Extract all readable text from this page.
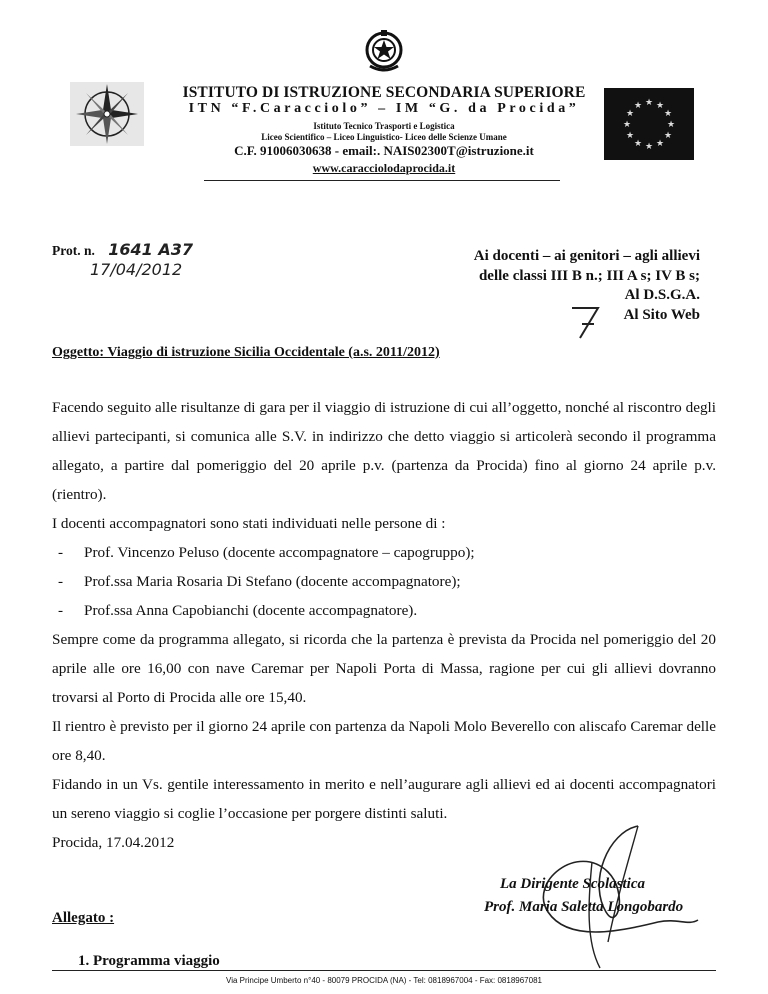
★ ★
★
★
★
★
★
★
★
★
★
★
ISTITUTO DI ISTRUZIONE SECONDARIA SUPERIORE
ITN “F.Caracciolo” – IM “G. da Procida”
Istituto Tecnico Trasporti e Logistica
Liceo Scientifico – Liceo Linguistico- Liceo delle Scienze Umane
C.F. 91006030638 - email:. NAIS02300T@istruzione.it
www.caracciolodaprocida.it
Prot. n. 1641 A37
17/04/2012
Ai docenti – ai genitori – agli allievi
delle classi III B n.; III A s; IV B s;
Al D.S.G.A.
Al Sito Web
Oggetto: Viaggio di istruzione Sicilia Occidentale (a.s. 2011/2012)

Facendo seguito alle risultanze di gara per il viaggio di istruzione di cui all’oggetto, nonché al riscontro degli allievi partecipanti, si comunica alle S.V. in indirizzo che detto viaggio si articolerà secondo il programma allegato, a partire dal pomeriggio del 20 aprile p.v. (partenza da Procida) fino al giorno 24 aprile p.v. (rientro).

I docenti accompagnatori sono stati individuati nelle persone di :

- Prof. Vincenzo Peluso (docente accompagnatore – capogruppo);
- Prof.ssa Maria Rosaria Di Stefano (docente accompagnatore);
- Prof.ssa Anna Capobianchi (docente accompagnatore).

Sempre come da programma allegato, si ricorda che la partenza è prevista da Procida nel pomeriggio del 20 aprile alle ore 16,00 con nave Caremar per Napoli Porta di Massa, ragione per cui gli allievi dovranno trovarsi al Porto di Procida alle ore 15,40.

Il rientro è previsto per il giorno 24 aprile con partenza da Napoli Molo Beverello con aliscafo Caremar delle ore 8,40.

Fidando in un Vs. gentile interessamento in merito e nell’augurare agli allievi ed ai docenti accompagnatori un sereno viaggio si coglie l’occasione per porgere distinti saluti.

Procida, 17.04.2012

La Dirigente Scolastica
Prof. Maria Saletta Longobardo
Allegato :
1. Programma viaggio
Via Principe Umberto n°40 - 80079 PROCIDA (NA) - Tel: 0818967004 - Fax: 0818967081
